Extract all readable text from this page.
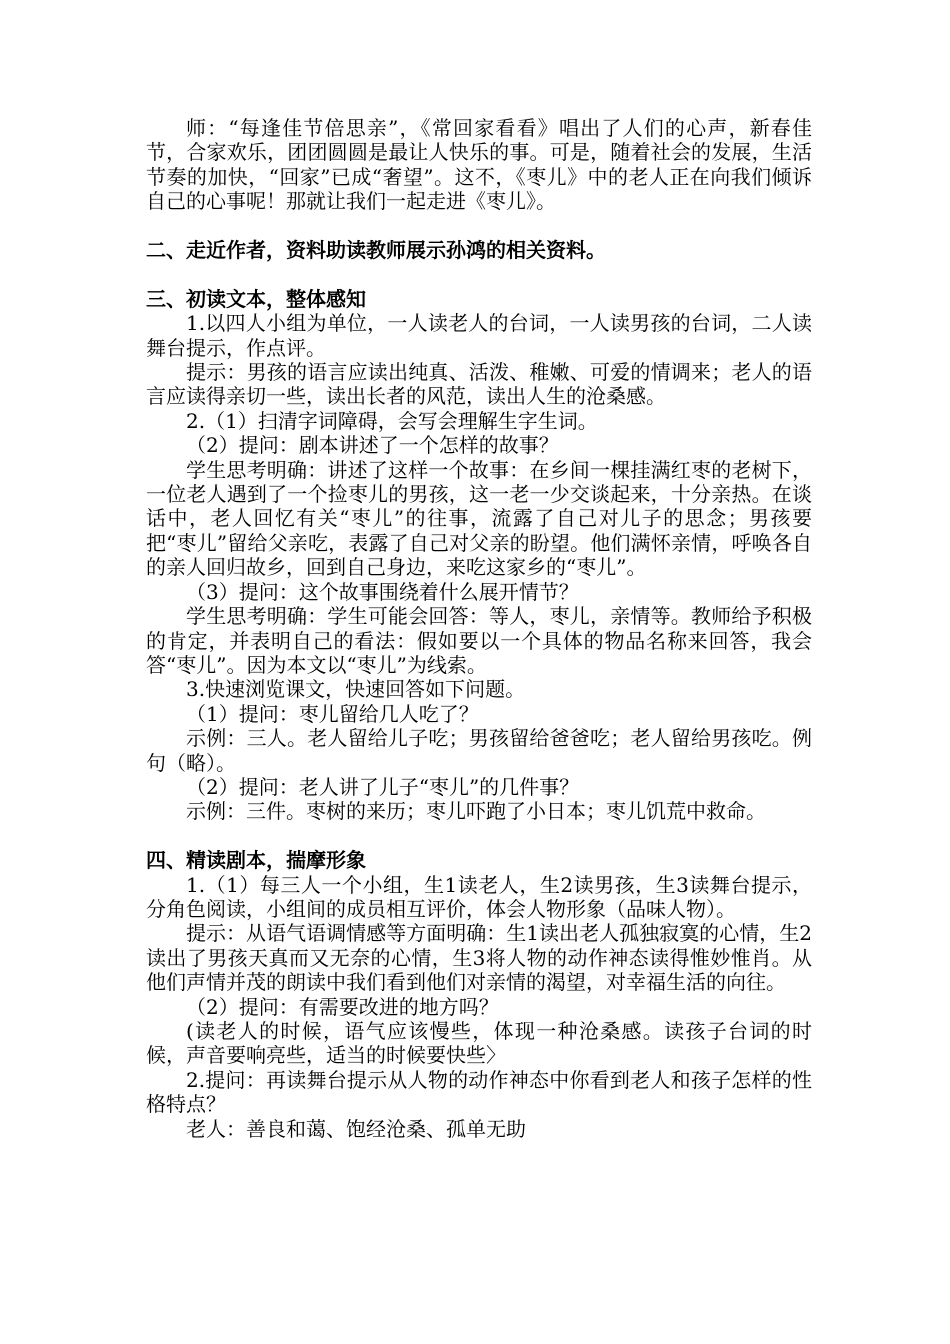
师：“每逢佳节倍思亲”，《常回家看看》唱出了人们的心声，新春佳节，合家欢乐，团团圆圆是最让人快乐的事。可是，随着社会的发展，生活节奏的加快，“回家”已成“奢望”。这不，《枣儿》中的老人正在向我们倾诉自己的心事呢！那就让我们一起走进《枣儿》。

二、走近作者，资料助读教师展示孙鸿的相关资料。

三、初读文本，整体感知

1.以四人小组为单位，一人读老人的台词，一人读男孩的台词，二人读舞台提示，作点评。

提示：男孩的语言应读出纯真、活泼、稚嫩、可爱的情调来；老人的语言应读得亲切一些，读出长者的风范，读出人生的沧桑感。

2.（1）扫清字词障碍，会写会理解生字生词。

（2）提问：剧本讲述了一个怎样的故事？

学生思考明确：讲述了这样一个故事：在乡间一棵挂满红枣的老树下，一位老人遇到了一个捡枣儿的男孩，这一老一少交谈起来，十分亲热。在谈话中，老人回忆有关“枣儿”的往事，流露了自己对儿子的思念；男孩要把“枣儿”留给父亲吃，表露了自己对父亲的盼望。他们满怀亲情，呼唤各自的亲人回归故乡，回到自己身边，来吃这家乡的“枣儿”。

（3）提问：这个故事围绕着什么展开情节？

学生思考明确：学生可能会回答：等人，枣儿，亲情等。教师给予积极的肯定，并表明自己的看法：假如要以一个具体的物品名称来回答，我会答“枣儿”。因为本文以“枣儿”为线索。

3.快速浏览课文，快速回答如下问题。

（1）提问：枣儿留给几人吃了？

示例：三人。老人留给儿子吃；男孩留给爸爸吃；老人留给男孩吃。例句（略）。

（2）提问：老人讲了儿子“枣儿”的几件事？

示例：三件。枣树的来历；枣儿吓跑了小日本；枣儿饥荒中救命。

四、精读剧本，揣摩形象

1.（1）每三人一个小组，生1读老人，生2读男孩，生3读舞台提示，分角色阅读，小组间的成员相互评价，体会人物形象（品味人物）。

提示：从语气语调情感等方面明确：生1读出老人孤独寂寞的心情，生2读出了男孩天真而又无奈的心情，生3将人物的动作神态读得惟妙惟肖。从他们声情并茂的朗读中我们看到他们对亲情的渴望，对幸福生活的向往。

（2）提问：有需要改进的地方吗？

(读老人的时候，语气应该慢些，体现一种沧桑感。读孩子台词的时候，声音要响亮些，适当的时候要快些〉

2.提问：再读舞台提示从人物的动作神态中你看到老人和孩子怎样的性格特点？

老人：善良和蔼、饱经沧桑、孤单无助
